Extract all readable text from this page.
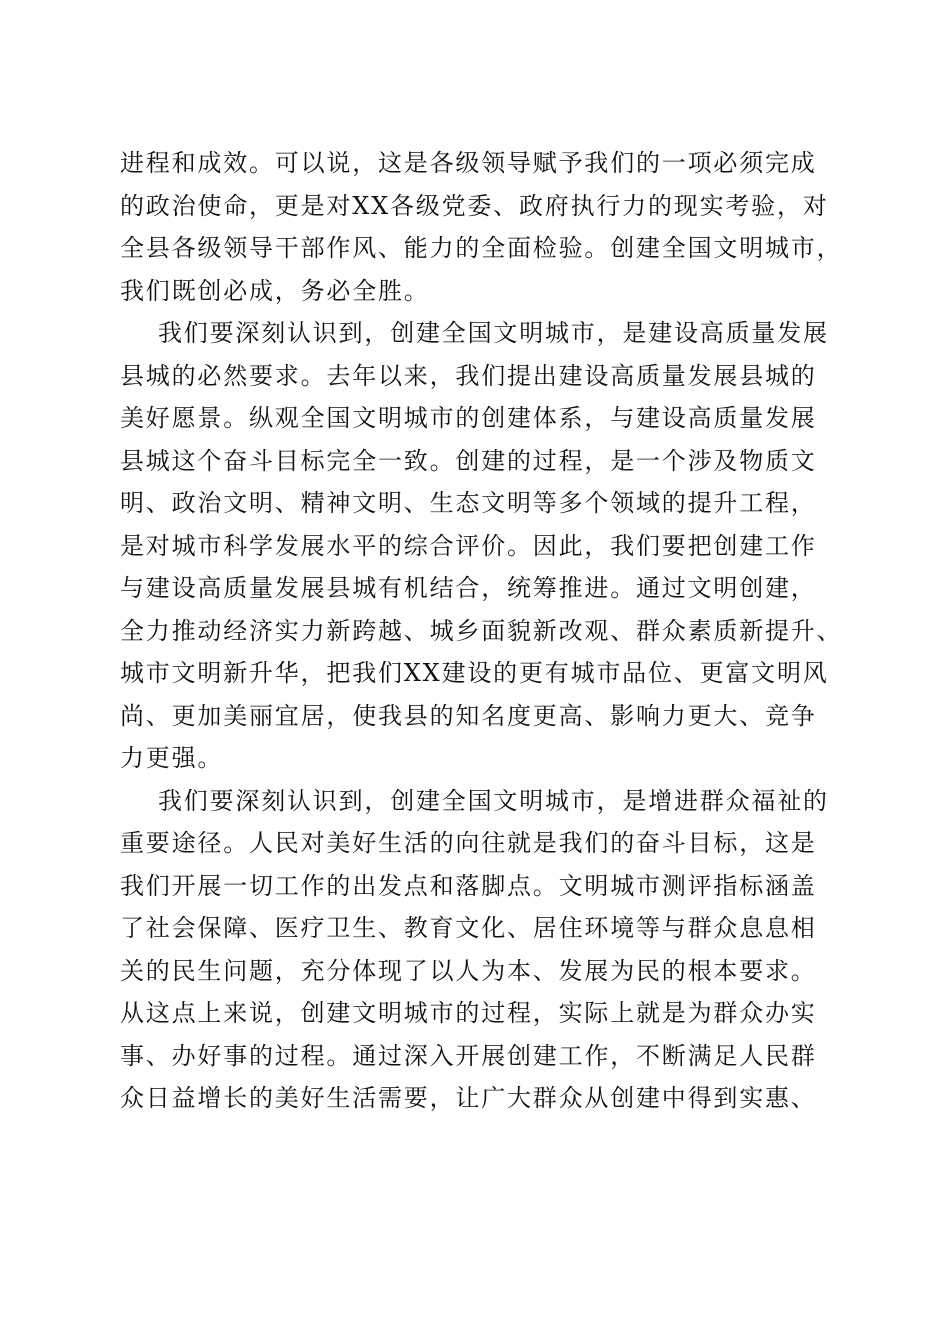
进程和成效。可以说，这是各级领导赋予我们的一项必须完成
的政治使命，更是对XX各级党委、政府执行力的现实考验，对
全县各级领导干部作风、能力的全面检验。创建全国文明城市，
我们既创必成，务必全胜。
我们要深刻认识到，创建全国文明城市，是建设高质量发展
县城的必然要求。去年以来，我们提出建设高质量发展县城的
美好愿景。纵观全国文明城市的创建体系，与建设高质量发展
县城这个奋斗目标完全一致。创建的过程，是一个涉及物质文
明、政治文明、精神文明、生态文明等多个领域的提升工程，
是对城市科学发展水平的综合评价。因此，我们要把创建工作
与建设高质量发展县城有机结合，统筹推进。通过文明创建，
全力推动经济实力新跨越、城乡面貌新改观、群众素质新提升、
城市文明新升华，把我们XX建设的更有城市品位、更富文明风
尚、更加美丽宜居，使我县的知名度更高、影响力更大、竞争
力更强。
我们要深刻认识到，创建全国文明城市，是增进群众福祉的
重要途径。人民对美好生活的向往就是我们的奋斗目标，这是
我们开展一切工作的出发点和落脚点。文明城市测评指标涵盖
了社会保障、医疗卫生、教育文化、居住环境等与群众息息相
关的民生问题，充分体现了以人为本、发展为民的根本要求。
从这点上来说，创建文明城市的过程，实际上就是为群众办实
事、办好事的过程。通过深入开展创建工作，不断满足人民群
众日益增长的美好生活需要，让广大群众从创建中得到实惠、
